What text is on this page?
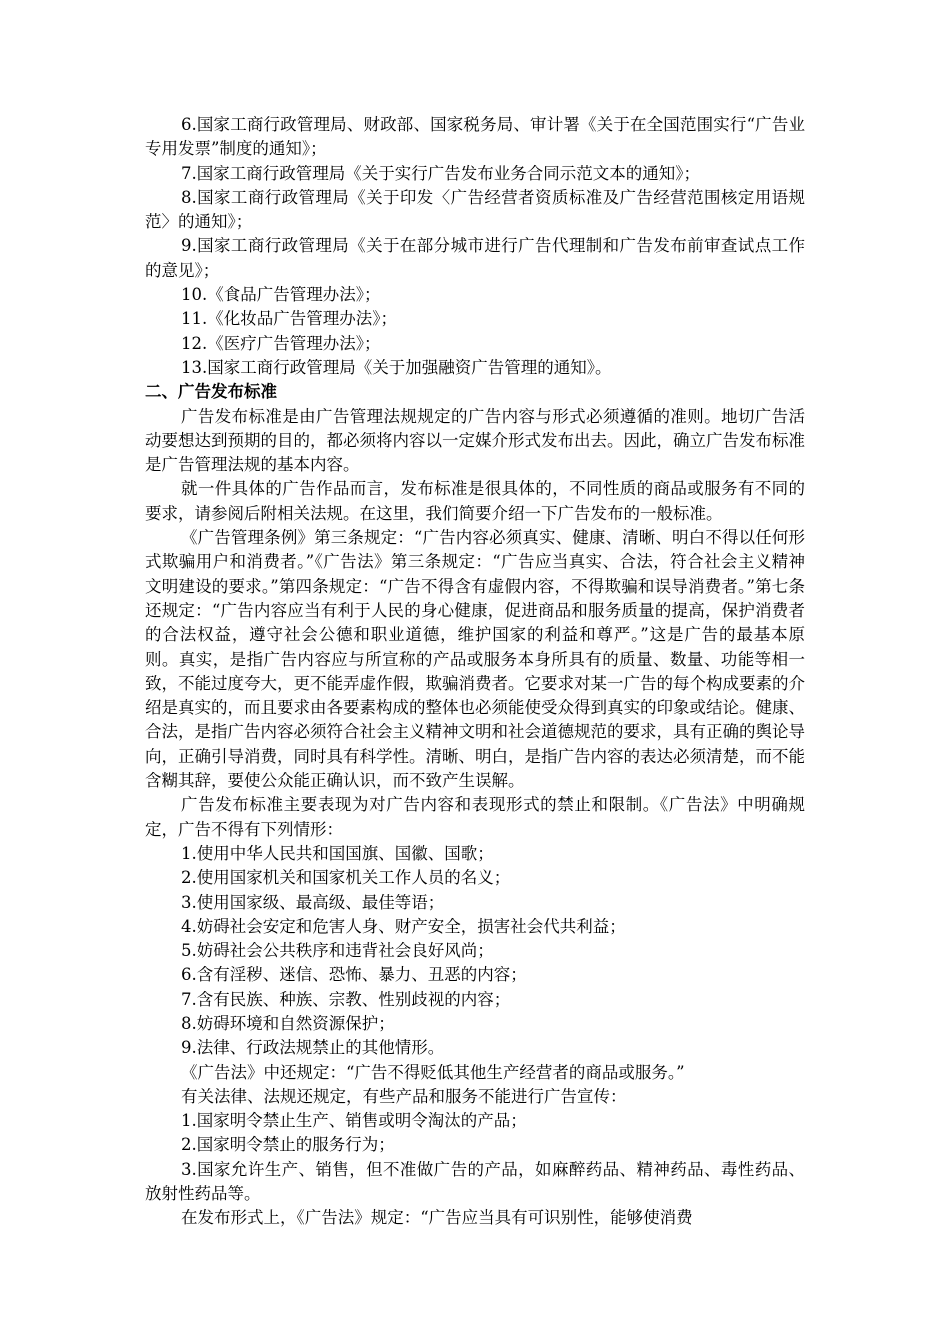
6.国家工商行政管理局、财政部、国家税务局、审计署《关于在全国范围实行“广告业专用发票”制度的通知》；

7.国家工商行政管理局《关于实行广告发布业务合同示范文本的通知》；

8.国家工商行政管理局《关于印发〈广告经营者资质标准及广告经营范围核定用语规范〉的通知》；

9.国家工商行政管理局《关于在部分城市进行广告代理制和广告发布前审查试点工作的意见》；

10.《食品广告管理办法》；

11.《化妆品广告管理办法》；

12.《医疗广告管理办法》；

13.国家工商行政管理局《关于加强融资广告管理的通知》。

二、广告发布标准

广告发布标准是由广告管理法规规定的广告内容与形式必须遵循的准则。地切广告活动要想达到预期的目的，都必须将内容以一定媒介形式发布出去。因此，确立广告发布标准是广告管理法规的基本内容。

就一件具体的广告作品而言，发布标准是很具体的，不同性质的商品或服务有不同的要求，请参阅后附相关法规。在这里，我们简要介绍一下广告发布的一般标准。

《广告管理条例》第三条规定：“广告内容必须真实、健康、清晰、明白不得以任何形式欺骗用户和消费者。”《广告法》第三条规定：“广告应当真实、合法，符合社会主义精神文明建设的要求。”第四条规定：“广告不得含有虚假内容，不得欺骗和误导消费者。”第七条还规定：“广告内容应当有利于人民的身心健康，促进商品和服务质量的提高，保护消费者的合法权益，遵守社会公德和职业道德，维护国家的利益和尊严。”这是广告的最基本原则。真实，是指广告内容应与所宣称的产品或服务本身所具有的质量、数量、功能等相一致，不能过度夸大，更不能弄虚作假，欺骗消费者。它要求对某一广告的每个构成要素的介绍是真实的，而且要求由各要素构成的整体也必须能使受众得到真实的印象或结论。健康、合法，是指广告内容必须符合社会主义精神文明和社会道德规范的要求，具有正确的舆论导向，正确引导消费，同时具有科学性。清晰、明白，是指广告内容的表达必须清楚，而不能含糊其辞，要使公众能正确认识，而不致产生误解。

广告发布标准主要表现为对广告内容和表现形式的禁止和限制。《广告法》中明确规定，广告不得有下列情形：

1.使用中华人民共和国国旗、国徽、国歌；

2.使用国家机关和国家机关工作人员的名义；

3.使用国家级、最高级、最佳等语；

4.妨碍社会安定和危害人身、财产安全，损害社会代共利益；

5.妨碍社会公共秩序和违背社会良好风尚；

6.含有淫秽、迷信、恐怖、暴力、丑恶的内容；

7.含有民族、种族、宗教、性别歧视的内容；

8.妨碍环境和自然资源保护；

9.法律、行政法规禁止的其他情形。

《广告法》中还规定：“广告不得贬低其他生产经营者的商品或服务。”

有关法律、法规还规定，有些产品和服务不能进行广告宣传：

1.国家明令禁止生产、销售或明令淘汰的产品；

2.国家明令禁止的服务行为；

3.国家允许生产、销售，但不准做广告的产品，如麻醉药品、精神药品、毒性药品、放射性药品等。

在发布形式上，《广告法》规定：“广告应当具有可识别性，能够使消费
